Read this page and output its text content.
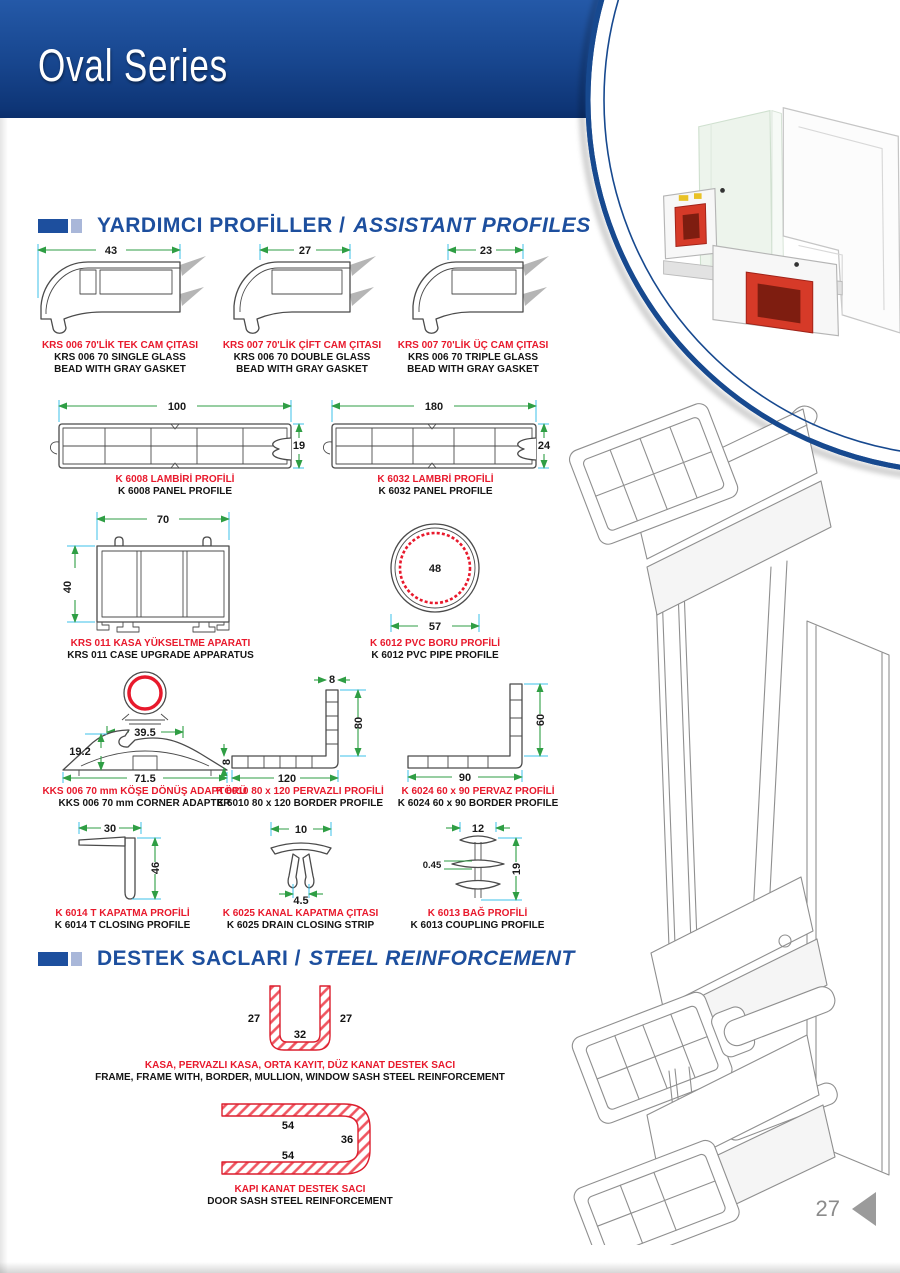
Oval Series
YARDIMCI PROFİLLER / ASSISTANT PROFILES
43
KRS 006 70'LİK TEK CAM ÇITASI
KRS 006 70 SINGLE GLASS
BEAD WITH GRAY GASKET
27
KRS 007 70'LİK ÇİFT CAM ÇITASI
KRS 006 70 DOUBLE GLASS
BEAD WITH GRAY GASKET
23
KRS 007 70'LİK ÜÇ CAM ÇITASI
KRS 006 70 TRIPLE GLASS
BEAD WITH GRAY GASKET
100
19
K 6008 LAMBİRİ PROFİLİ
K 6008 PANEL PROFILE
180
24
K 6032 LAMBRİ PROFİLİ
K 6032 PANEL PROFILE
70
40
KRS 011 KASA YÜKSELTME APARATI
KRS 011 CASE UPGRADE APPARATUS
48
57
K 6012 PVC BORU PROFİLİ
K 6012 PVC PIPE PROFILE
39.5
19.2
71.5
KKS 006 70 mm KÖŞE DÖNÜŞ ADAPTÖRÜ
KKS 006 70 mm CORNER ADAPTER
8
80
8
120
K 6010 80 x 120 PERVAZLI PROFİLİ
K 6010 80 x 120 BORDER PROFILE
60
90
K 6024 60 x 90 PERVAZ PROFİLİ
K 6024 60 x 90 BORDER PROFILE
30
46
K 6014 T KAPATMA PROFİLİ
K 6014 T CLOSING PROFILE
10
4.5
K 6025 KANAL KAPATMA ÇITASI
K 6025 DRAIN CLOSING STRIP
12
0.45	19
K 6013 BAĞ PROFİLİ
K 6013 COUPLING PROFILE
DESTEK SACLARI / STEEL REINFORCEMENT
27	27
32
KASA, PERVAZLI KASA, ORTA KAYIT, DÜZ KANAT DESTEK SACI
FRAME, FRAME WITH, BORDER, MULLION, WINDOW SASH STEEL REINFORCEMENT
54
36
54
KAPI KANAT DESTEK SACI
DOOR SASH STEEL REINFORCEMENT	27
